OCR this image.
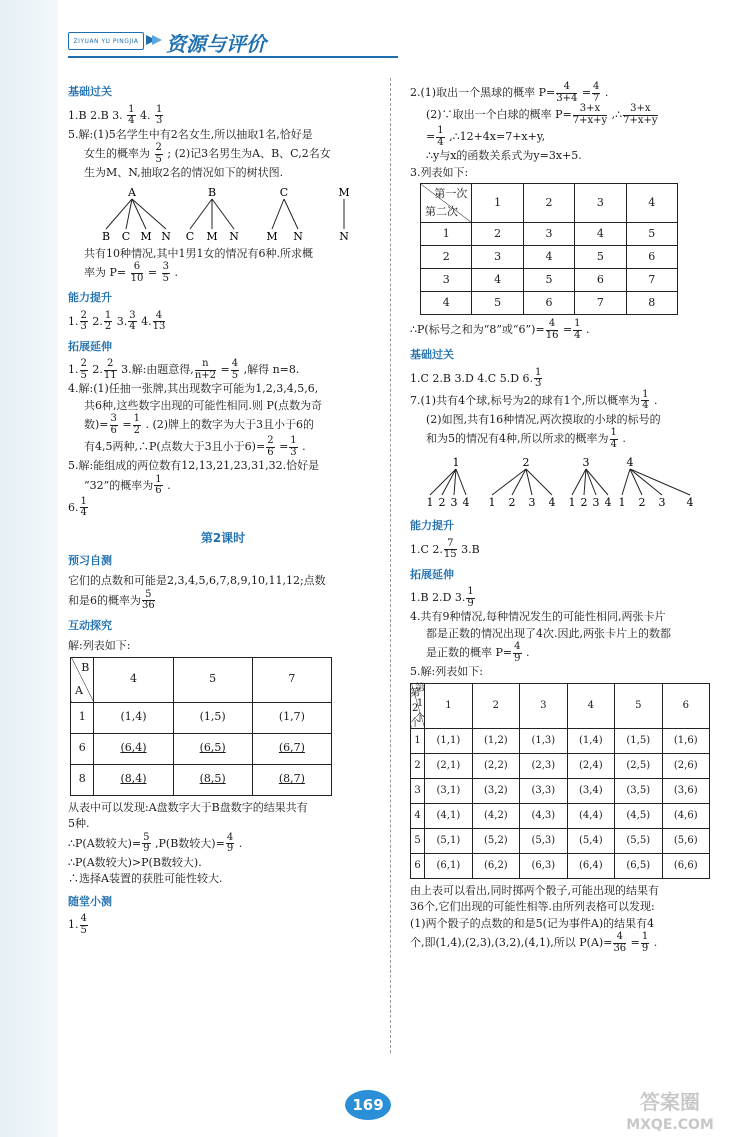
ZIYUAN YU PINGJIA 资源与评价
基础过关
1.B 2.B 3. $\frac{1}{4} 4$. $\frac{1}{3}$
5.解:(1)5名学生中有2名女生,所以抽取1名,恰好是
女生的概率为 $\frac{2}{5}$ ; (2)记3名男生为A、B、C,2名女
生为M、N,抽取2名的情况如下的树状图.
A
B C M N
B
C M N
C
M N
M
N
共有10种情况,其中1男1女的情况有6种.所求概
率为 $P= \frac{6}{10} = \frac{3}{5}$ .
能力提升
1. $\frac{2}{3} 2$. $\frac{1}{2} 3$. $\frac{3}{4} 4$. $\frac{4}{13}$
拓展延伸
1. $\frac{2}{5} 2$. $\frac{2}{11} 3$.解:由题意得, $\frac{n}{n+2} = \frac{4}{5}$ ,解得 n=8.
4.解:(1)任抽一张牌,其出现数字可能为1,2,3,4,5,6,
共6种,这些数字出现的可能性相同.则 P(点数为奇
数)= $\frac{3}{6} = \frac{1}{2}$ . (2)牌上的数字为大于3且小于6的
有4,5两种,∴P(点数大于3且小于$6)= \frac{2}{6} = \frac{1}{3}$ .
5.解:能组成的两位数有12,13,21,23,31,32.恰好是
“32”的概率为 $\frac{1}{6}$ .
6. $\frac{1}{4}$
第2课时
预习自测
它们的点数和可能是2,3,4,5,6,7,8,9,10,11,12;点数
和是6的概率为 $\frac{5}{36}$
互动探究
解:列表如下:
B
A	4	5	7
1	(1,4)	(1,5)	(1,7)
6	(6,4)	(6,5)	(6,7)
8	(8,4)	(8,5)	(8,7)
从表中可以发现:A盘数字大于B盘数字的结果共有
5种.
∴P(A数较大)= $\frac{5}{9} ,P(B$数较大)= $\frac{4}{9}$ .
∴P(A数较大)>P(B数较大).
∴选择A装置的获胜可能性较大.
随堂小测
1. $\frac{4}{5}$
2.(1)取出一个黑球的概率 $P= \frac{4}{3+4} = \frac{4}{7}$ .
(2)∵取出一个白球的概率 $P= \frac{3+x}{7+x+y}$ ,∴ $\frac{3+x}{7+x+y}$
= $\frac{1}{4}$ ,∴12+4x=7+x+y,
∴y与x的函数关系式为y=3x+5.
3.列表如下:
第一次
第二次	1	2	3	4
1	2	3	4	5
2	3	4	5	6
3	4	5	6	7
4	5	6	7	8
∴P(标号之和为“8”或“6”)= $\frac{4}{16} = \frac{1}{4}$ .
基础过关
1.C 2.B 3.D 4.C 5.D 6. $\frac{1}{3}$
7.(1)共有4个球,标号为2的球有1个,所以概率为 $\frac{1}{4}$ .
(2)如图,共有16种情况,两次摸取的小球的标号的
和为5的情况有4种,所以所求的概率为 $\frac{1}{4}$ .
1
1 2 3 4
2
1 2 3 4
3
1 2 3 4
4
1 2 3 4
能力提升
1.C 2. $\frac{7}{15} 3.B$
拓展延伸
1.B 2.D 3. $\frac{1}{9}$
4.共有9种情况,每种情况发生的可能性相同,两张卡片
都是正数的情况出现了4次.因此,两张卡片上的数都
是正数的概率 $P= \frac{4}{9}$ .
5.解:列表如下:
第2个
第1个	1	2	3	4	5	6
1	(1,1)	(1,2)	(1,3)	(1,4)	(1,5)	(1,6)
2	(2,1)	(2,2)	(2,3)	(2,4)	(2,5)	(2,6)
3	(3,1)	(3,2)	(3,3)	(3,4)	(3,5)	(3,6)
4	(4,1)	(4,2)	(4,3)	(4,4)	(4,5)	(4,6)
5	(5,1)	(5,2)	(5,3)	(5,4)	(5,5)	(5,6)
6	(6,1)	(6,2)	(6,3)	(6,4)	(6,5)	(6,6)
由上表可以看出,同时掷两个骰子,可能出现的结果有
36个,它们出现的可能性相等.由所列表格可以发现:
(1)两个骰子的点数的和是5(记为事件A)的结果有4
个,即(1,4),(2,3),(3,2),(4,1),所以 $P(A)= \frac{4}{36} = \frac{1}{9}$ .
169	答案圈
MXQE.COM
